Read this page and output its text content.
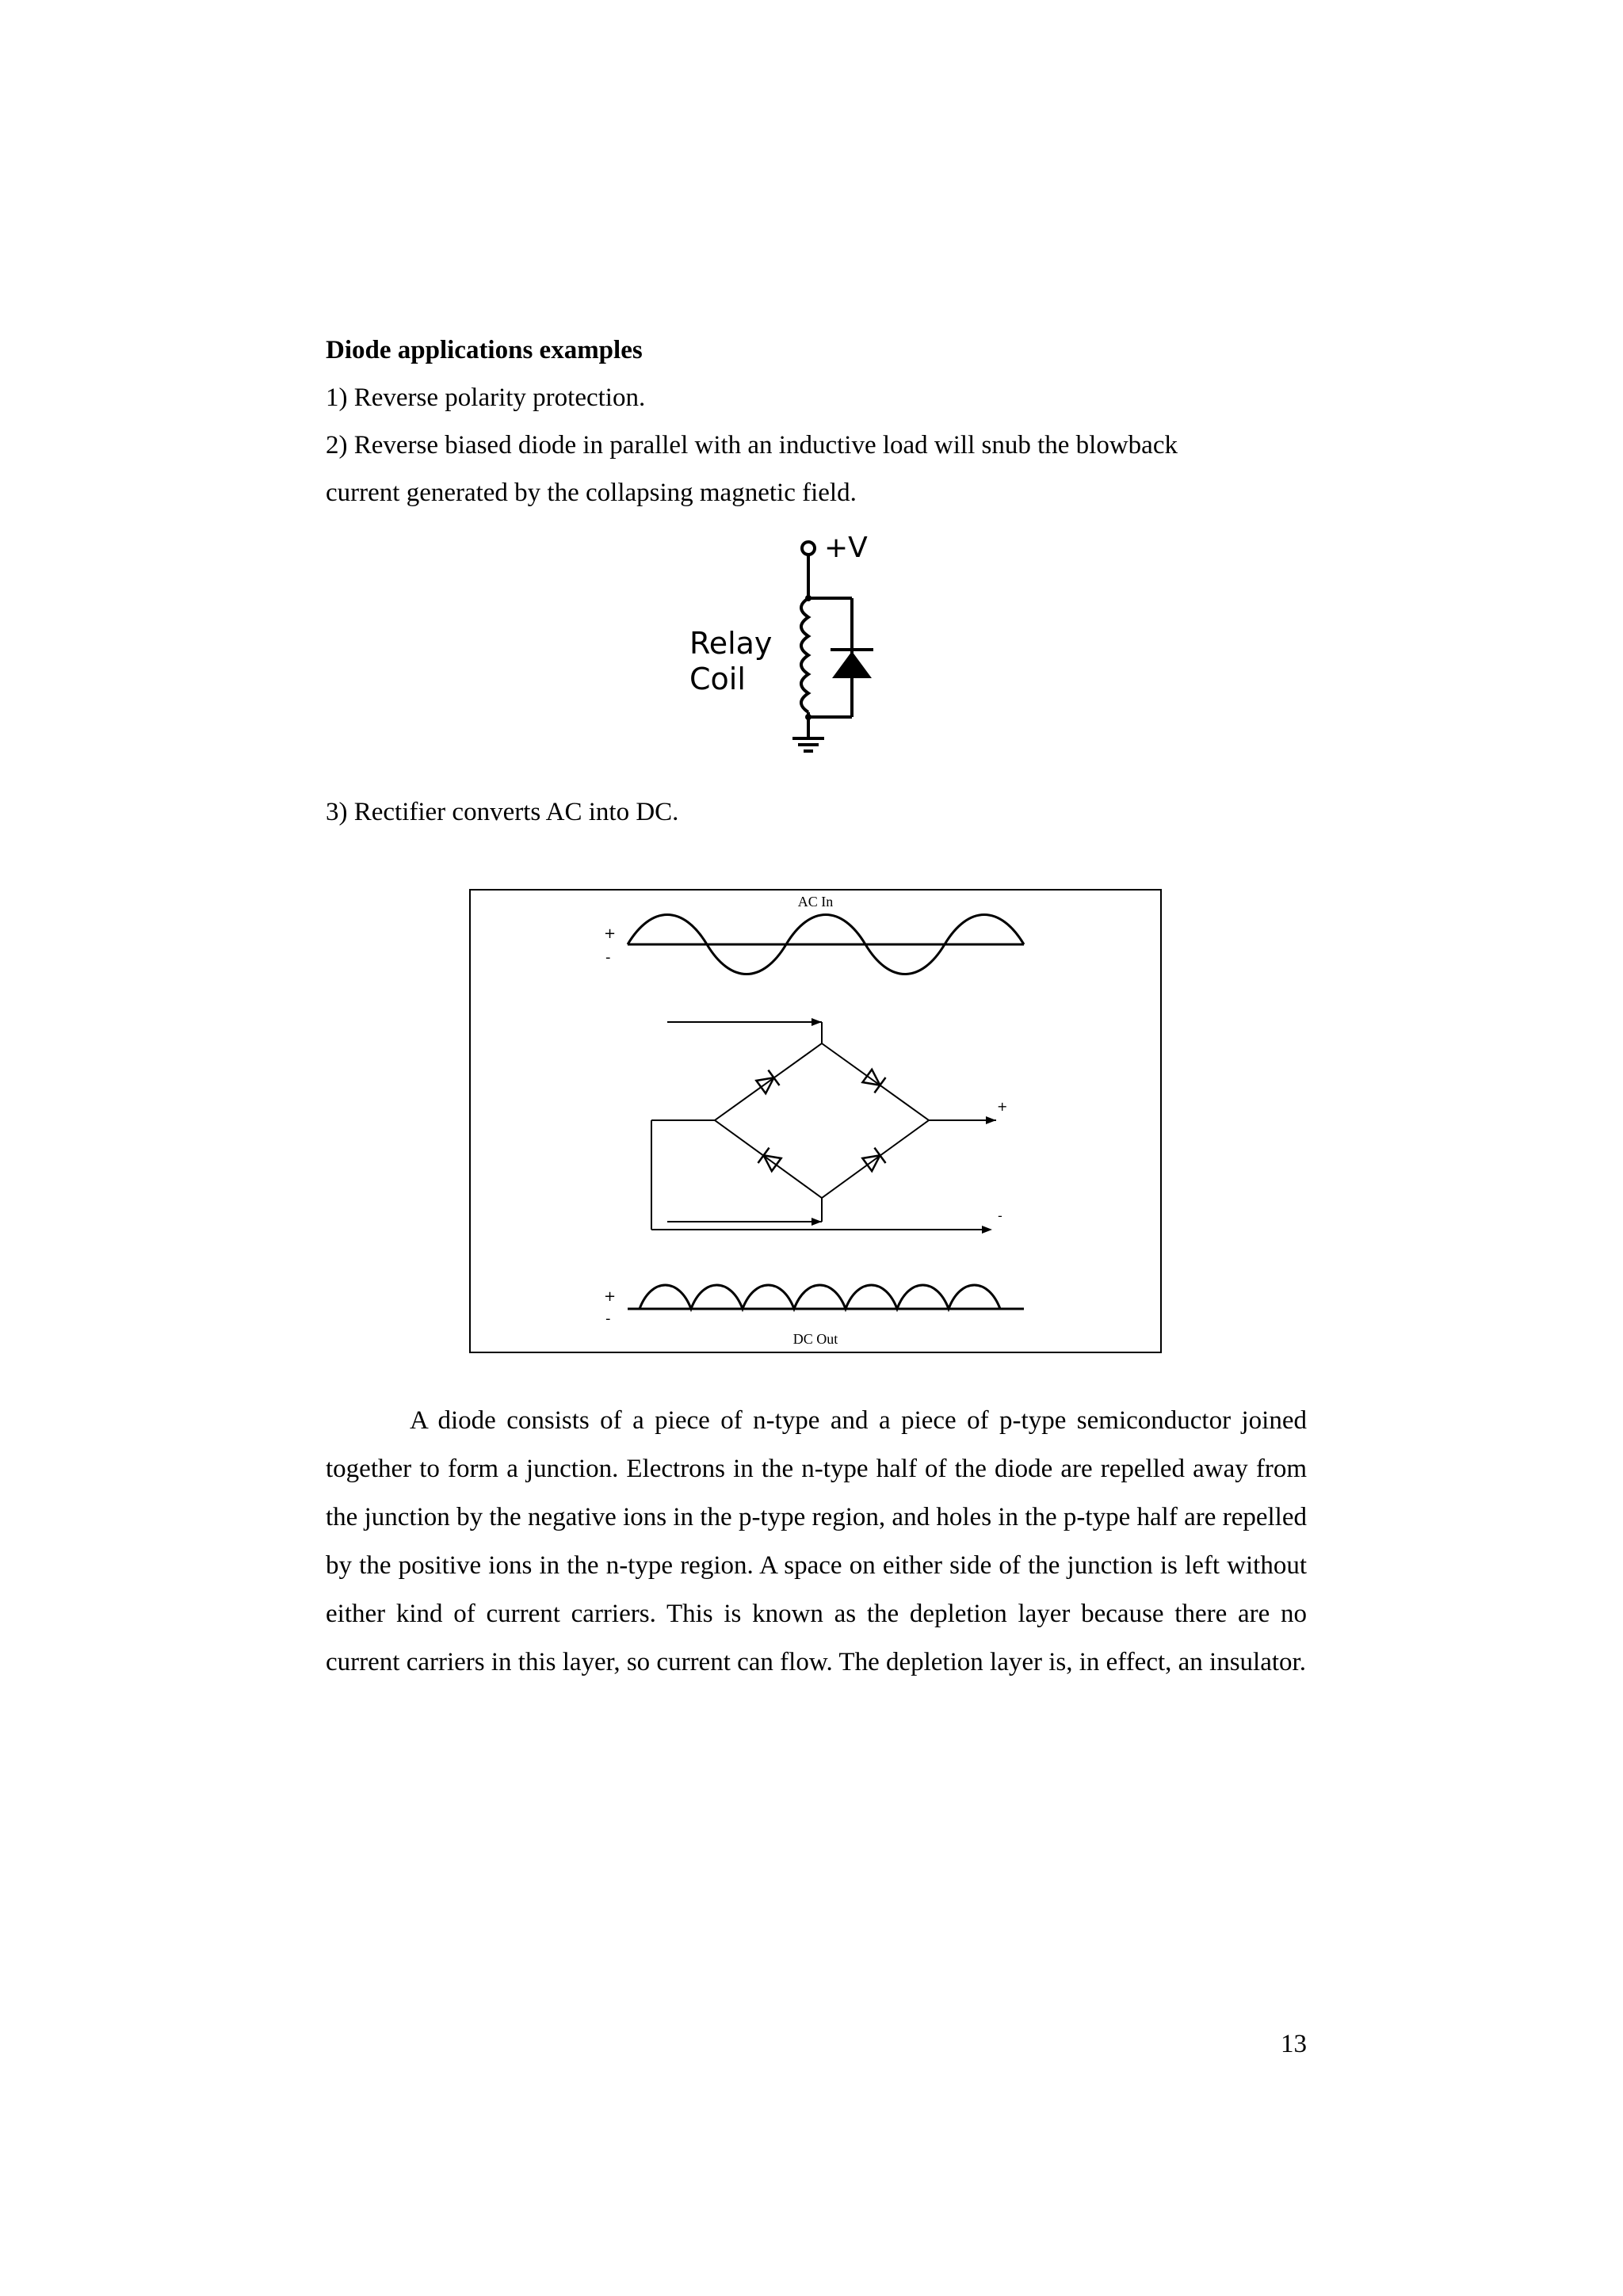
Diode applications examples
1) Reverse polarity protection.
2) Reverse biased diode in parallel with an inductive load will snub the blowback
current generated by the collapsing magnetic field.
+V
Relay
Coil
3) Rectifier converts AC into DC.
AC In
+
-
+
-
+
-
DC Out
A diode consists of a piece of n-type and a piece of p-type semiconductor joined together to form a junction. Electrons in the n-type half of the diode are repelled away from the junction by the negative ions in the p-type region, and holes in the p-type half are repelled by the positive ions in the n-type region. A space on either side of the junction is left without either kind of current carriers. This is known as the depletion layer because there are no current carriers in this layer, so current can flow. The depletion layer is, in effect, an insulator.
13
